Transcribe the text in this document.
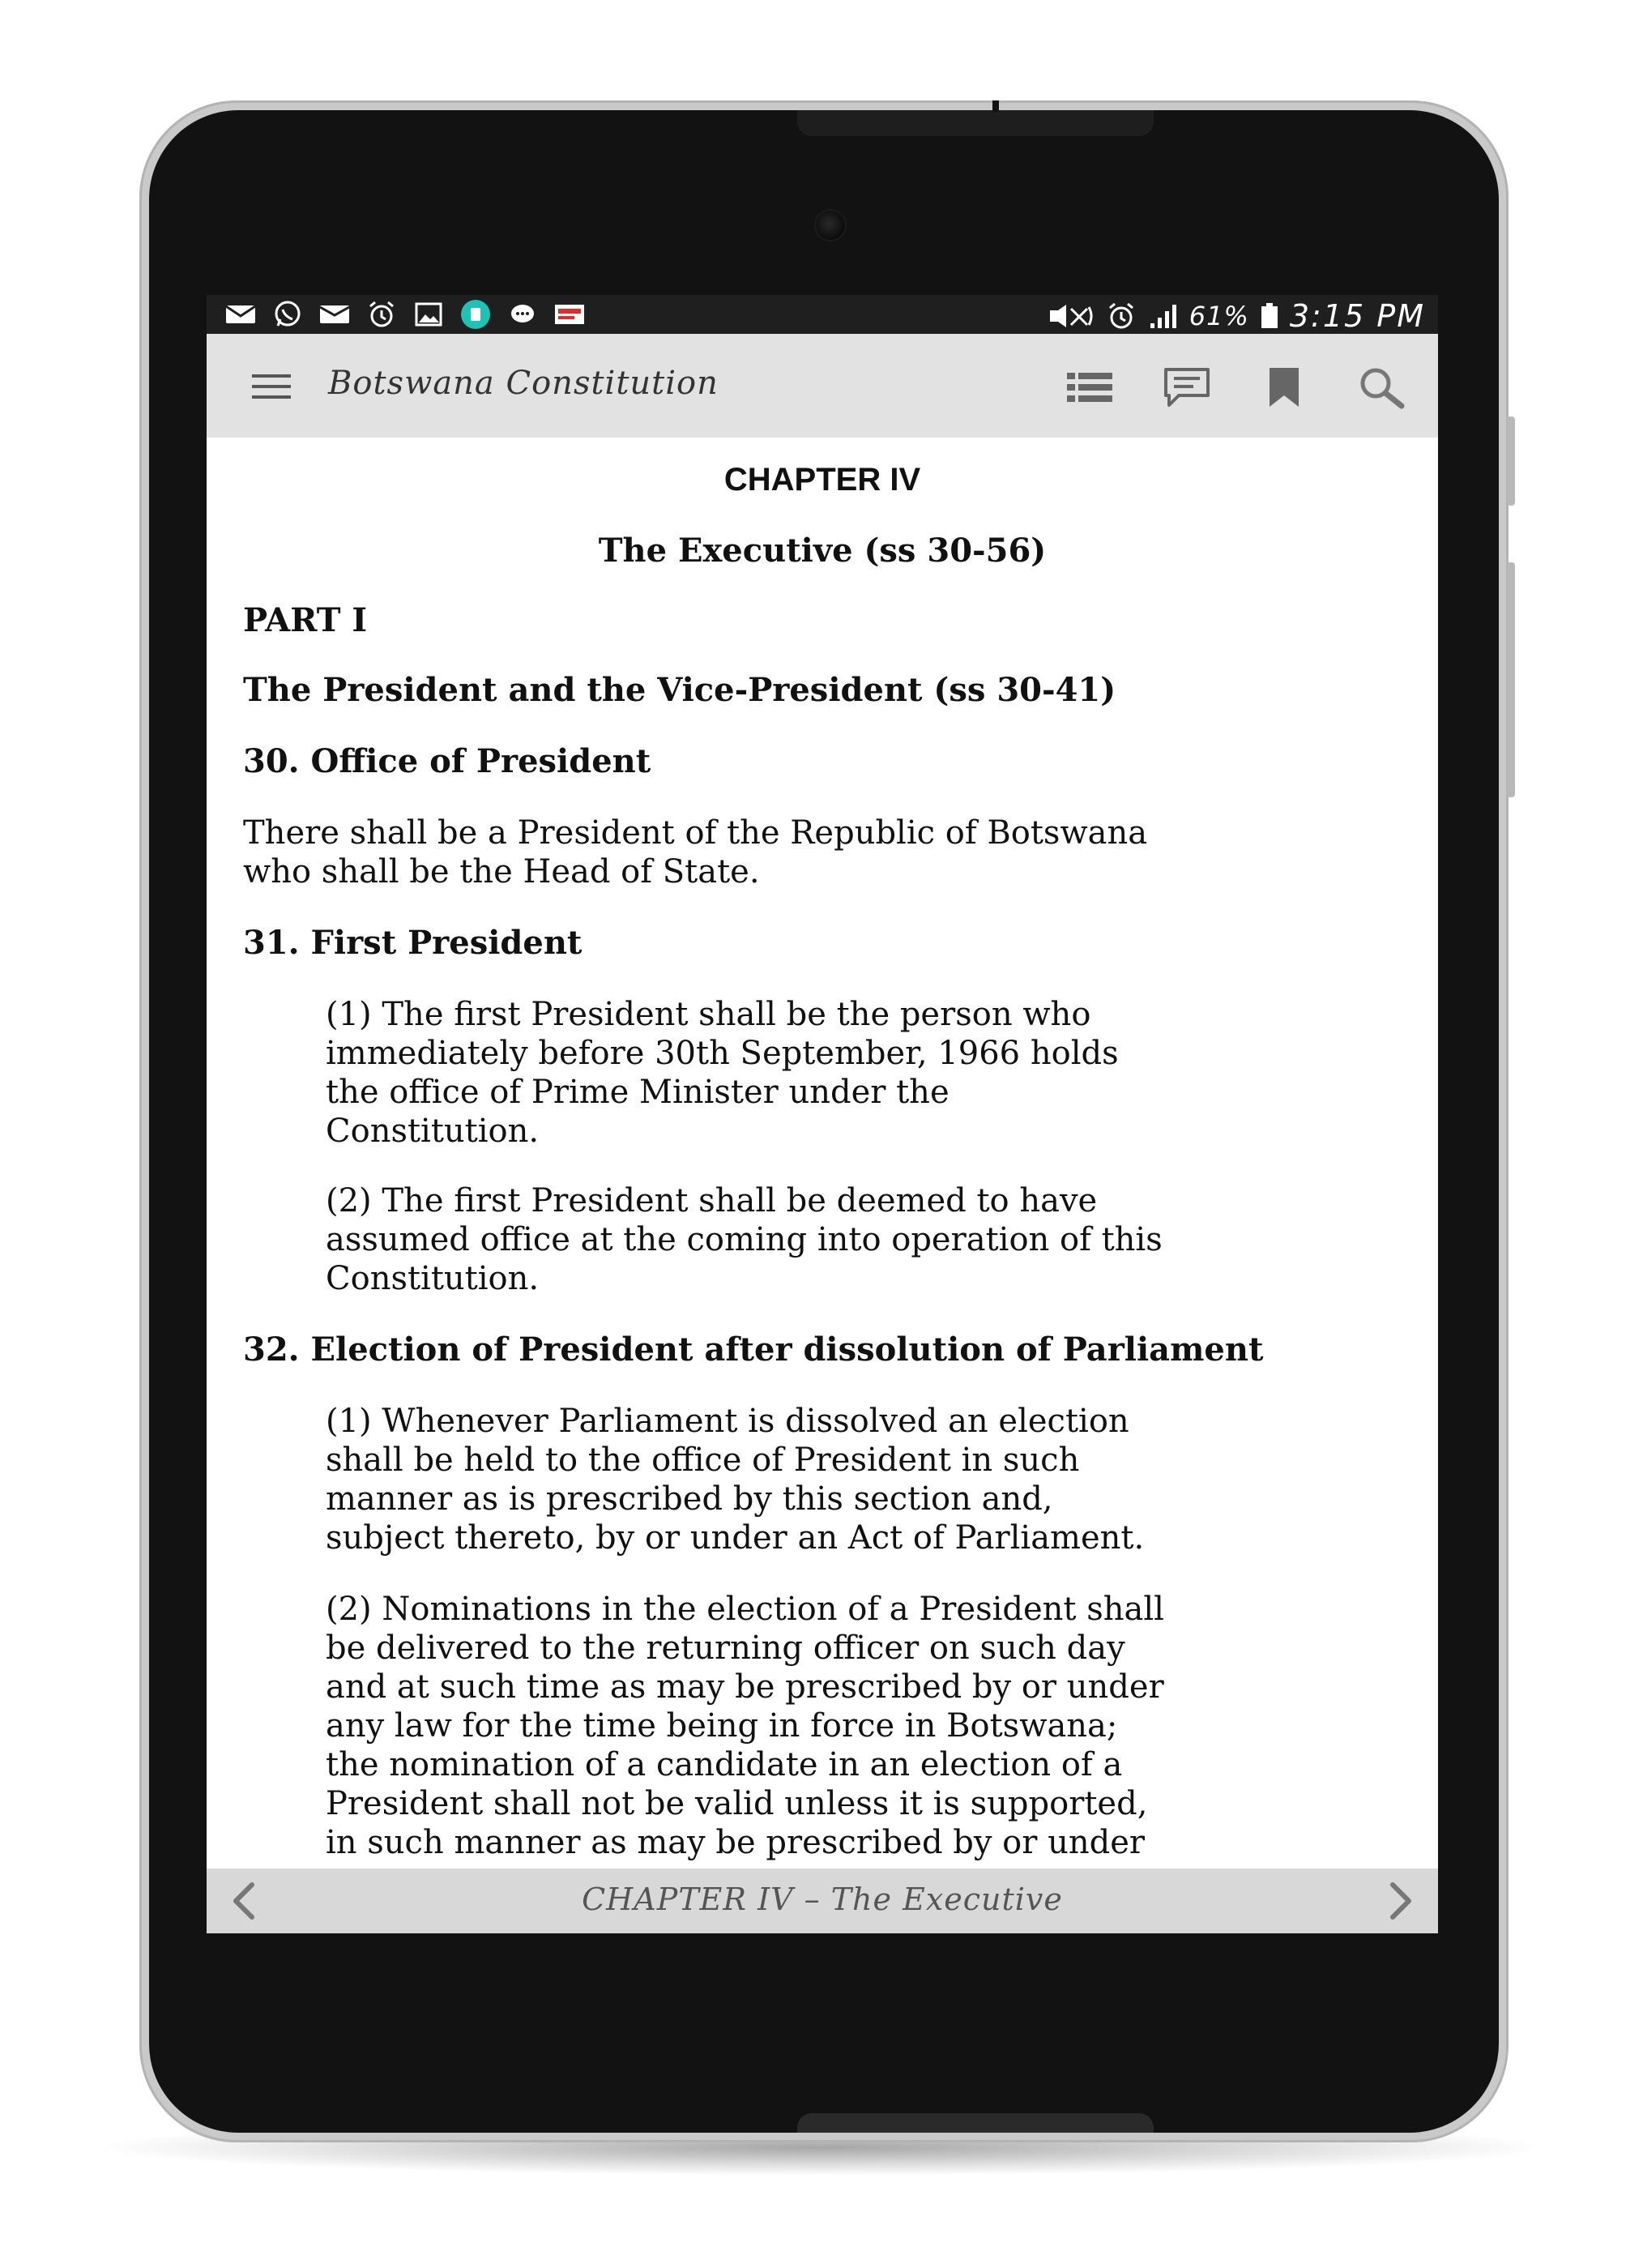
61% 3:15 PM
Botswana Constitution
CHAPTER IV
The Executive (ss 30-56)
PART I
The President and the Vice-President (ss 30-41)
30. Office of President
There shall be a President of the Republic of Botswana
who shall be the Head of State.
31. First President
(1) The first President shall be the person who
immediately before 30th September, 1966 holds
the office of Prime Minister under the
Constitution.
(2) The first President shall be deemed to have
assumed office at the coming into operation of this
Constitution.
32. Election of President after dissolution of Parliament
(1) Whenever Parliament is dissolved an election
shall be held to the office of President in such
manner as is prescribed by this section and,
subject thereto, by or under an Act of Parliament.
(2) Nominations in the election of a President shall
be delivered to the returning officer on such day
and at such time as may be prescribed by or under
any law for the time being in force in Botswana;
the nomination of a candidate in an election of a
President shall not be valid unless it is supported,
in such manner as may be prescribed by or under
CHAPTER IV – The Executive
